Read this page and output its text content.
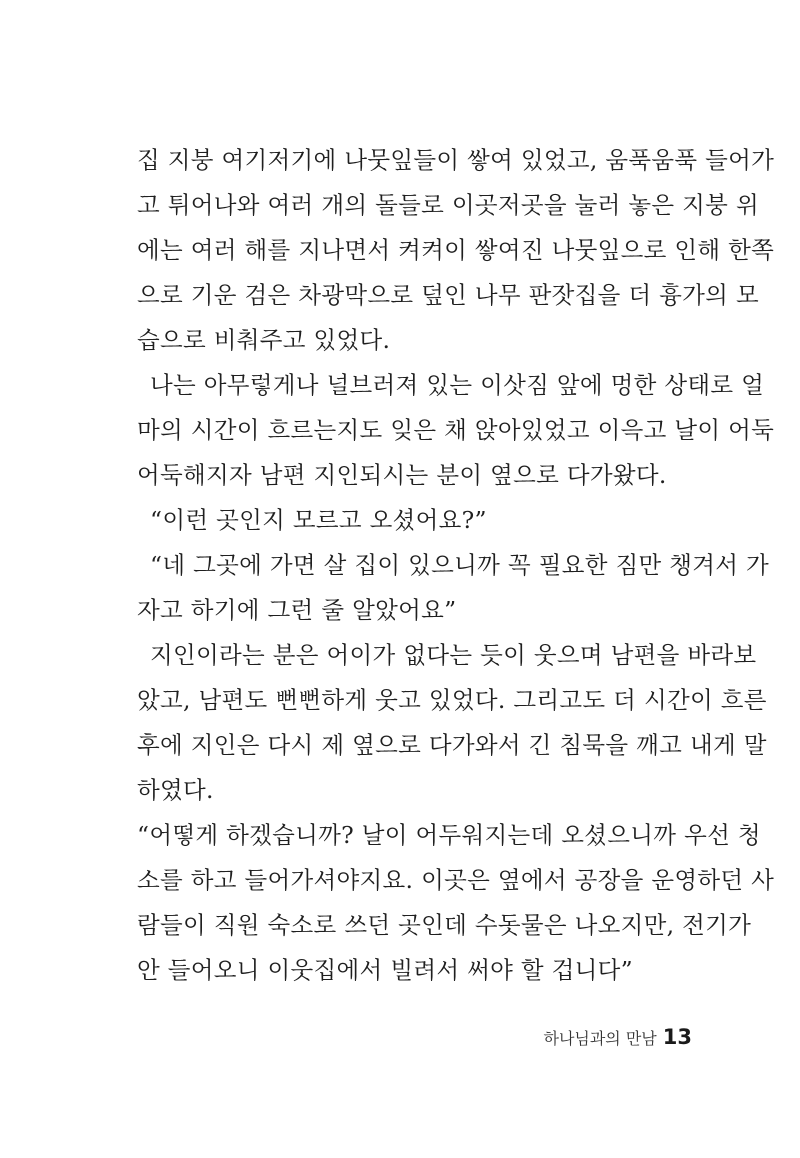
집 지붕 여기저기에 나뭇잎들이 쌓여 있었고, 움푹움푹 들어가
고 튀어나와 여러 개의 돌들로 이곳저곳을 눌러 놓은 지붕 위
에는 여러 해를 지나면서 켜켜이 쌓여진 나뭇잎으로 인해 한쪽
으로 기운 검은 차광막으로 덮인 나무 판잣집을 더 흉가의 모
습으로 비춰주고 있었다.
나는 아무렇게나 널브러져 있는 이삿짐 앞에 멍한 상태로 얼
마의 시간이 흐르는지도 잊은 채 앉아있었고 이윽고 날이 어둑
어둑해지자 남편 지인되시는 분이 옆으로 다가왔다.
“이런 곳인지 모르고 오셨어요?”
“네 그곳에 가면 살 집이 있으니까 꼭 필요한 짐만 챙겨서 가
자고 하기에 그런 줄 알았어요”
지인이라는 분은 어이가 없다는 듯이 웃으며 남편을 바라보
았고, 남편도 뻔뻔하게 웃고 있었다. 그리고도 더 시간이 흐른
후에 지인은 다시 제 옆으로 다가와서 긴 침묵을 깨고 내게 말
하였다.
“어떻게 하겠습니까? 날이 어두워지는데 오셨으니까 우선 청
소를 하고 들어가셔야지요. 이곳은 옆에서 공장을 운영하던 사
람들이 직원 숙소로 쓰던 곳인데 수돗물은 나오지만, 전기가
안 들어오니 이웃집에서 빌려서 써야 할 겁니다”
하나님과의 만남 13
